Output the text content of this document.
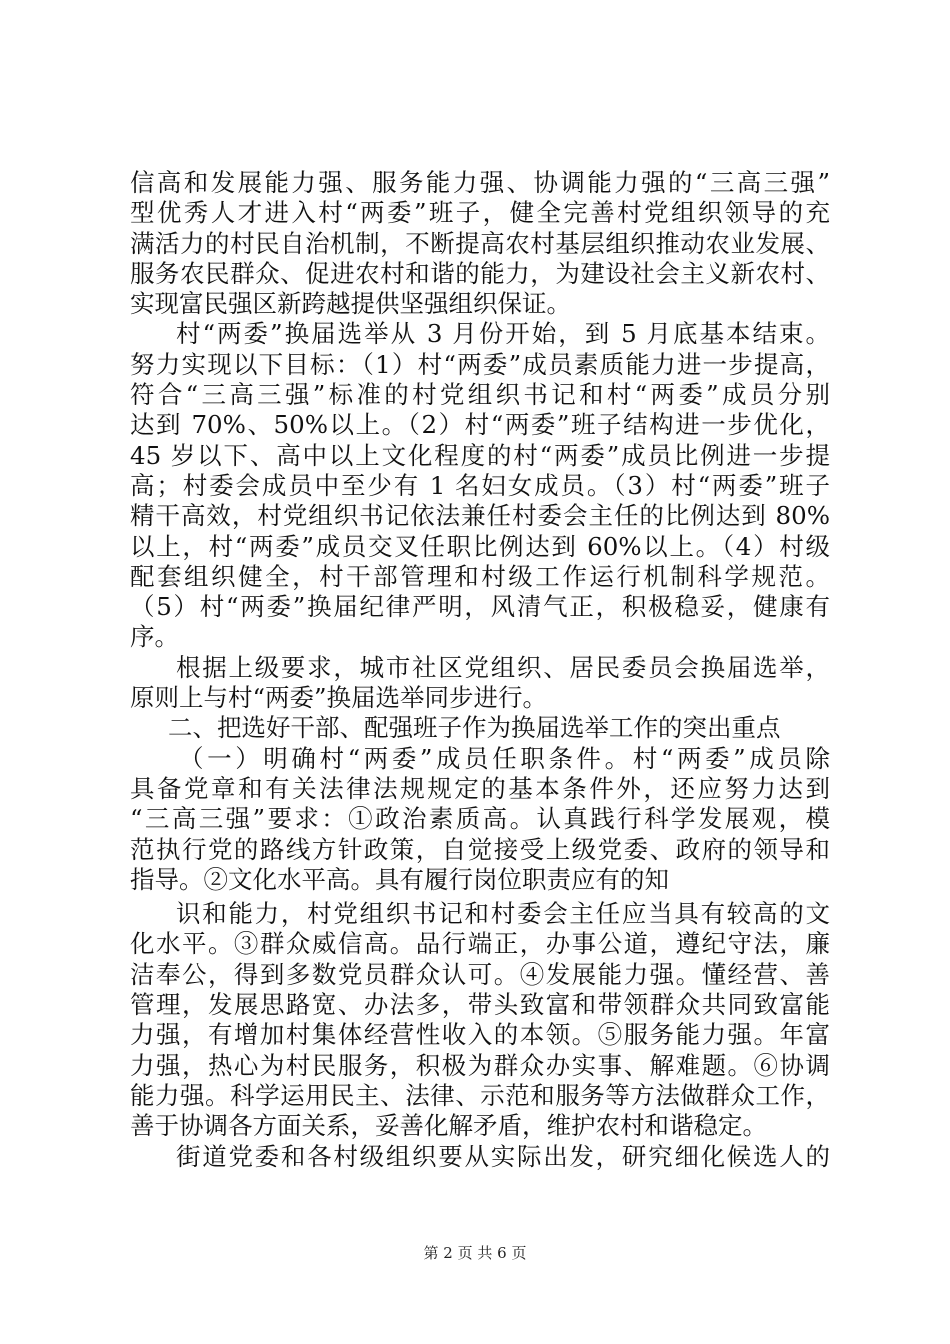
信高和发展能力强、服务能力强、协调能力强的“三高三强”
型优秀人才进入村“两委”班子，健全完善村党组织领导的充
满活力的村民自治机制，不断提高农村基层组织推动农业发展、
服务农民群众、促进农村和谐的能力，为建设社会主义新农村、
实现富民强区新跨越提供坚强组织保证。
村“两委”换届选举从 3 月份开始，到 5 月底基本结束。
努力实现以下目标：（1）村“两委”成员素质能力进一步提高，
符合“三高三强”标准的村党组织书记和村“两委”成员分别
达到 70%、50%以上。（2）村“两委”班子结构进一步优化，
45 岁以下、高中以上文化程度的村“两委”成员比例进一步提
高；村委会成员中至少有 1 名妇女成员。（3）村“两委”班子
精干高效，村党组织书记依法兼任村委会主任的比例达到 80%
以上，村“两委”成员交叉任职比例达到 60%以上。（4）村级
配套组织健全，村干部管理和村级工作运行机制科学规范。
（5）村“两委”换届纪律严明，风清气正，积极稳妥，健康有
序。
根据上级要求，城市社区党组织、居民委员会换届选举，
原则上与村“两委”换届选举同步进行。
二、把选好干部、配强班子作为换届选举工作的突出重点
（一）明确村“两委”成员任职条件。村“两委”成员除
具备党章和有关法律法规规定的基本条件外，还应努力达到
“三高三强”要求：①政治素质高。认真践行科学发展观，模
范执行党的路线方针政策，自觉接受上级党委、政府的领导和
指导。②文化水平高。具有履行岗位职责应有的知
识和能力，村党组织书记和村委会主任应当具有较高的文
化水平。③群众威信高。品行端正，办事公道，遵纪守法，廉
洁奉公，得到多数党员群众认可。④发展能力强。懂经营、善
管理，发展思路宽、办法多，带头致富和带领群众共同致富能
力强，有增加村集体经营性收入的本领。⑤服务能力强。年富
力强，热心为村民服务，积极为群众办实事、解难题。⑥协调
能力强。科学运用民主、法律、示范和服务等方法做群众工作，
善于协调各方面关系，妥善化解矛盾，维护农村和谐稳定。
街道党委和各村级组织要从实际出发，研究细化候选人的
第 2 页 共 6 页
